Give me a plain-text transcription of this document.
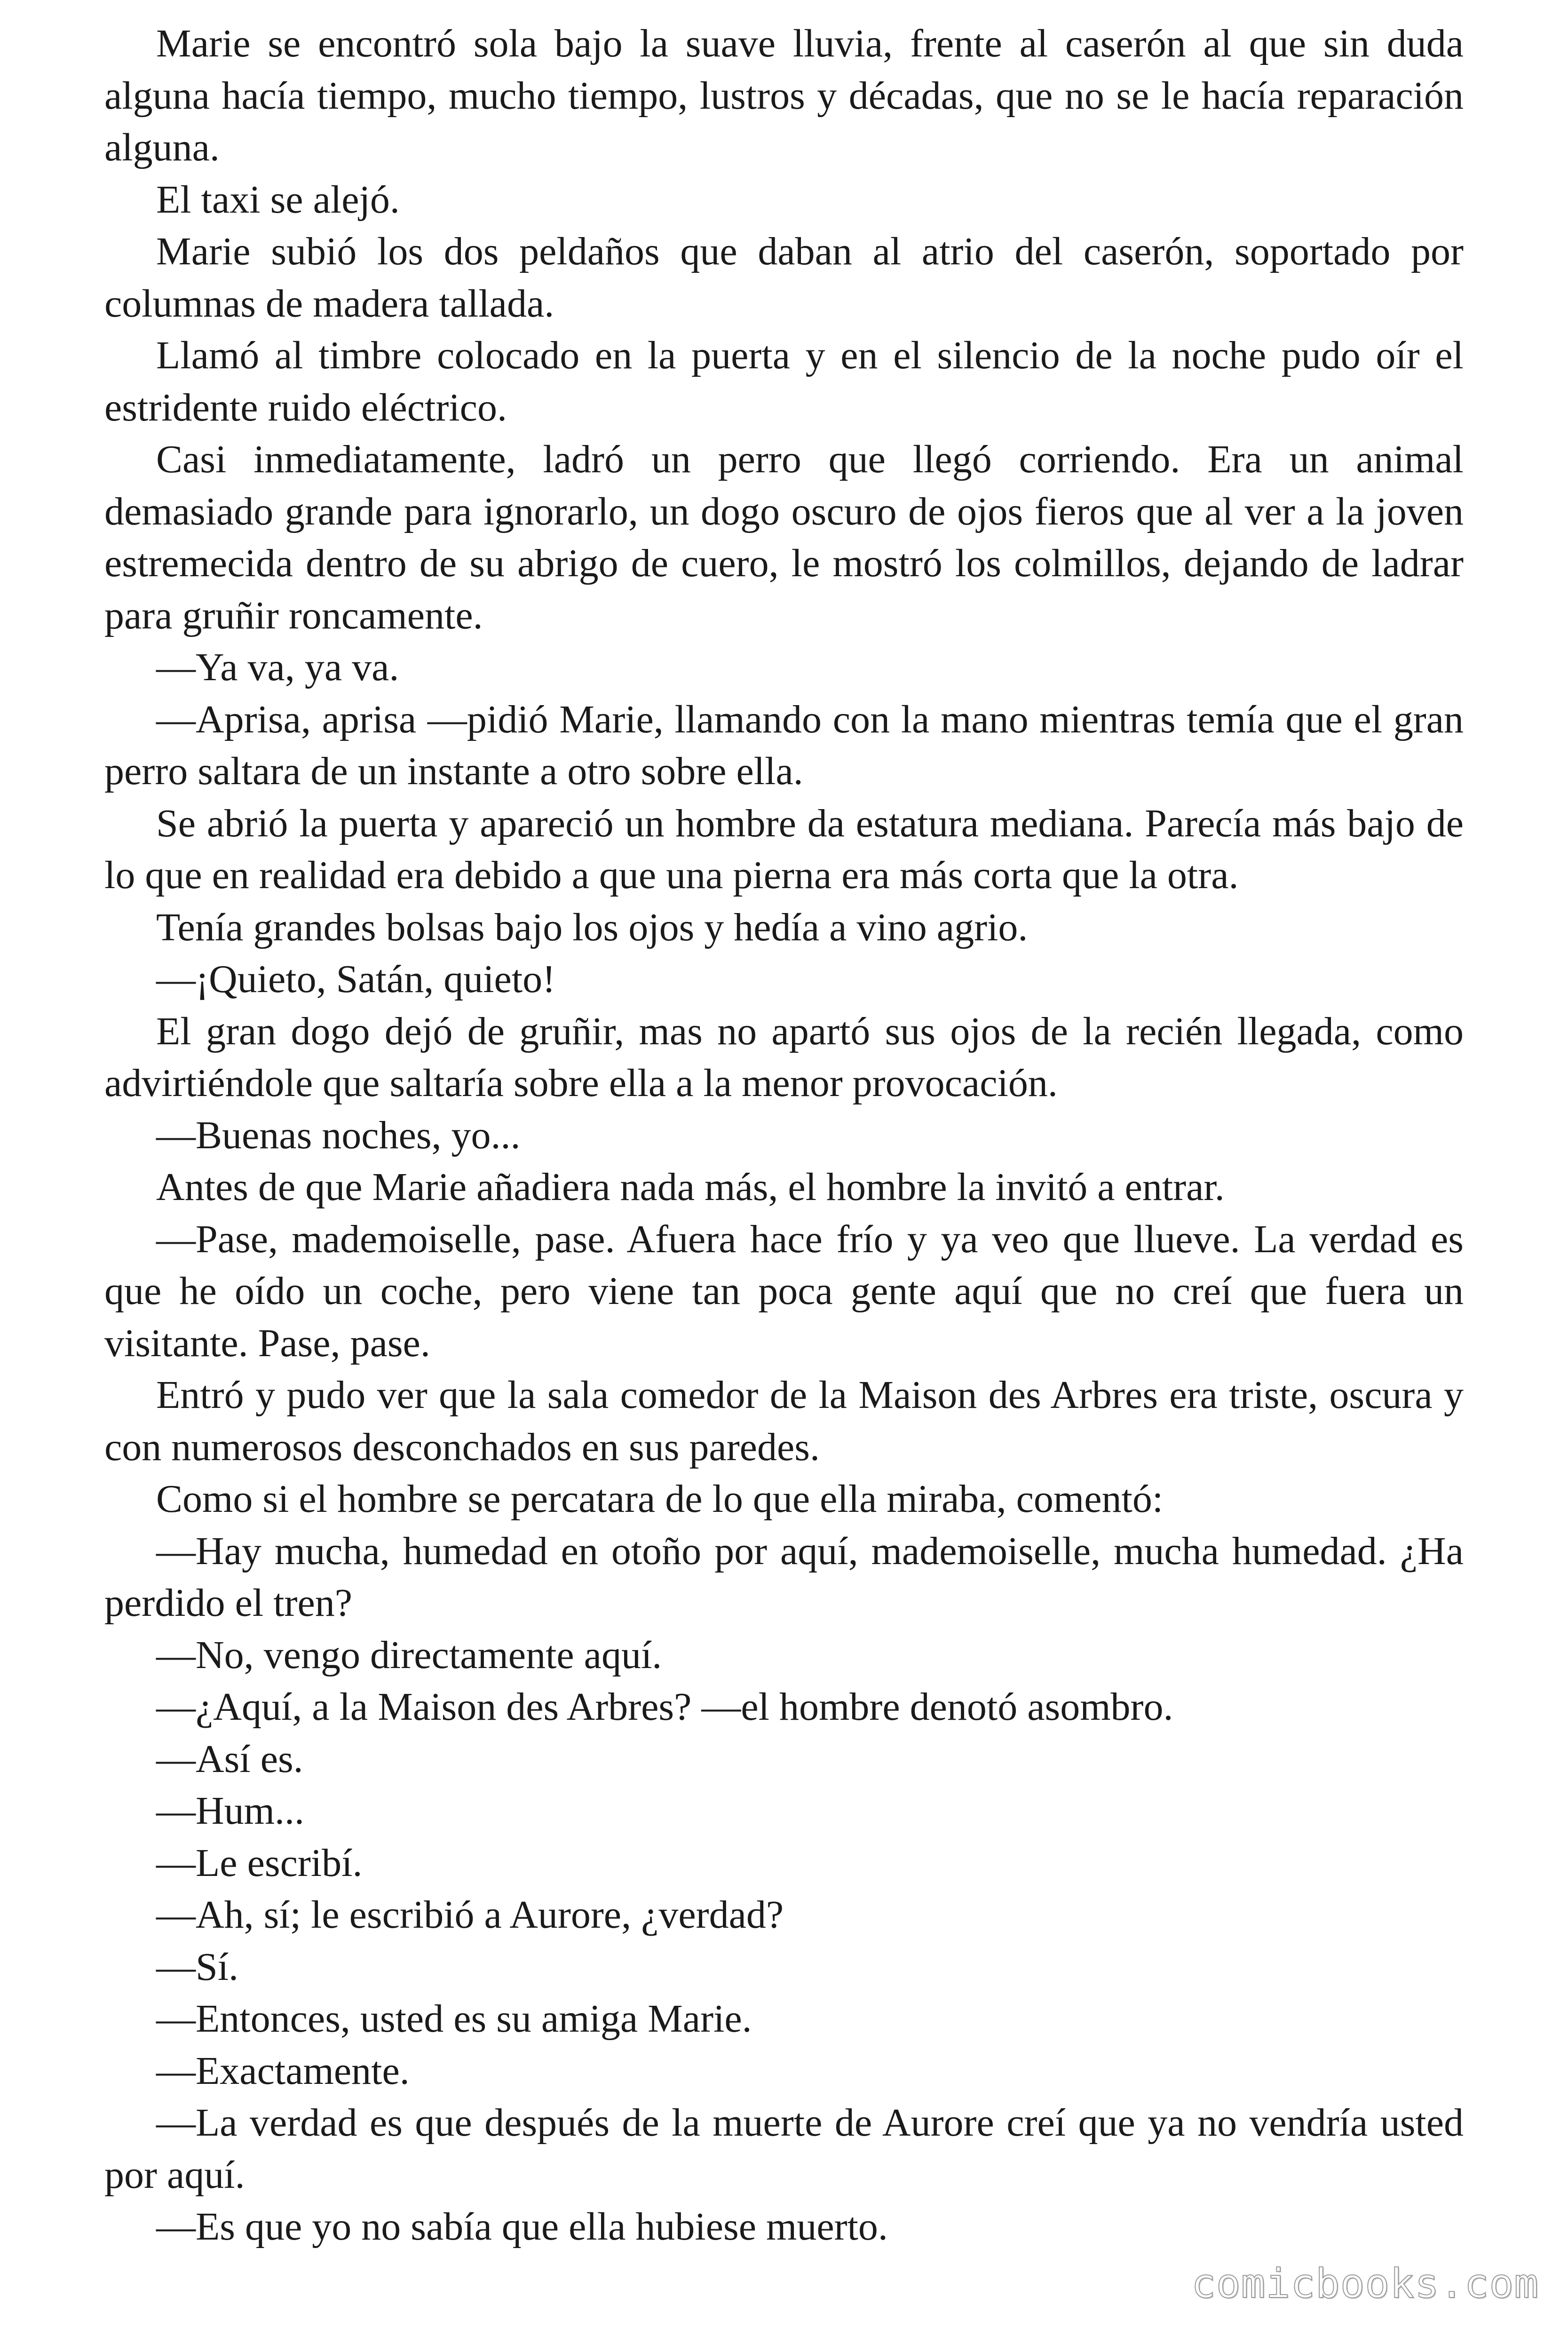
Marie se encontró sola bajo la suave lluvia, frente al caserón al que sin duda alguna hacía tiempo, mucho tiempo, lustros y décadas, que no se le hacía reparación alguna.

El taxi se alejó.

Marie subió los dos peldaños que daban al atrio del caserón, soportado por columnas de madera tallada.

Llamó al timbre colocado en la puerta y en el silencio de la noche pudo oír el estridente ruido eléctrico.

Casi inmediatamente, ladró un perro que llegó corriendo. Era un animal demasiado grande para ignorarlo, un dogo oscuro de ojos fieros que al ver a la joven estremecida dentro de su abrigo de cuero, le mostró los colmillos, dejando de ladrar para gruñir roncamente.

—Ya va, ya va.

—Aprisa, aprisa —pidió Marie, llamando con la mano mientras temía que el gran perro saltara de un instante a otro sobre ella.

Se abrió la puerta y apareció un hombre da estatura mediana. Parecía más bajo de lo que en realidad era debido a que una pierna era más corta que la otra.

Tenía grandes bolsas bajo los ojos y hedía a vino agrio.

—¡Quieto, Satán, quieto!

El gran dogo dejó de gruñir, mas no apartó sus ojos de la recién llegada, como advirtiéndole que saltaría sobre ella a la menor provocación.

—Buenas noches, yo...

Antes de que Marie añadiera nada más, el hombre la invitó a entrar.

—Pase, mademoiselle, pase. Afuera hace frío y ya veo que llueve. La verdad es que he oído un coche, pero viene tan poca gente aquí que no creí que fuera un visitante. Pase, pase.

Entró y pudo ver que la sala comedor de la Maison des Arbres era triste, oscura y con numerosos desconchados en sus paredes.

Como si el hombre se percatara de lo que ella miraba, comentó:

—Hay mucha, humedad en otoño por aquí, mademoiselle, mucha humedad. ¿Ha perdido el tren?

—No, vengo directamente aquí.

—¿Aquí, a la Maison des Arbres? —el hombre denotó asombro.

—Así es.

—Hum...

—Le escribí.

—Ah, sí; le escribió a Aurore, ¿verdad?

—Sí.

—Entonces, usted es su amiga Marie.

—Exactamente.

—La verdad es que después de la muerte de Aurore creí que ya no vendría usted por aquí.

—Es que yo no sabía que ella hubiese muerto.

comicbooks.com
